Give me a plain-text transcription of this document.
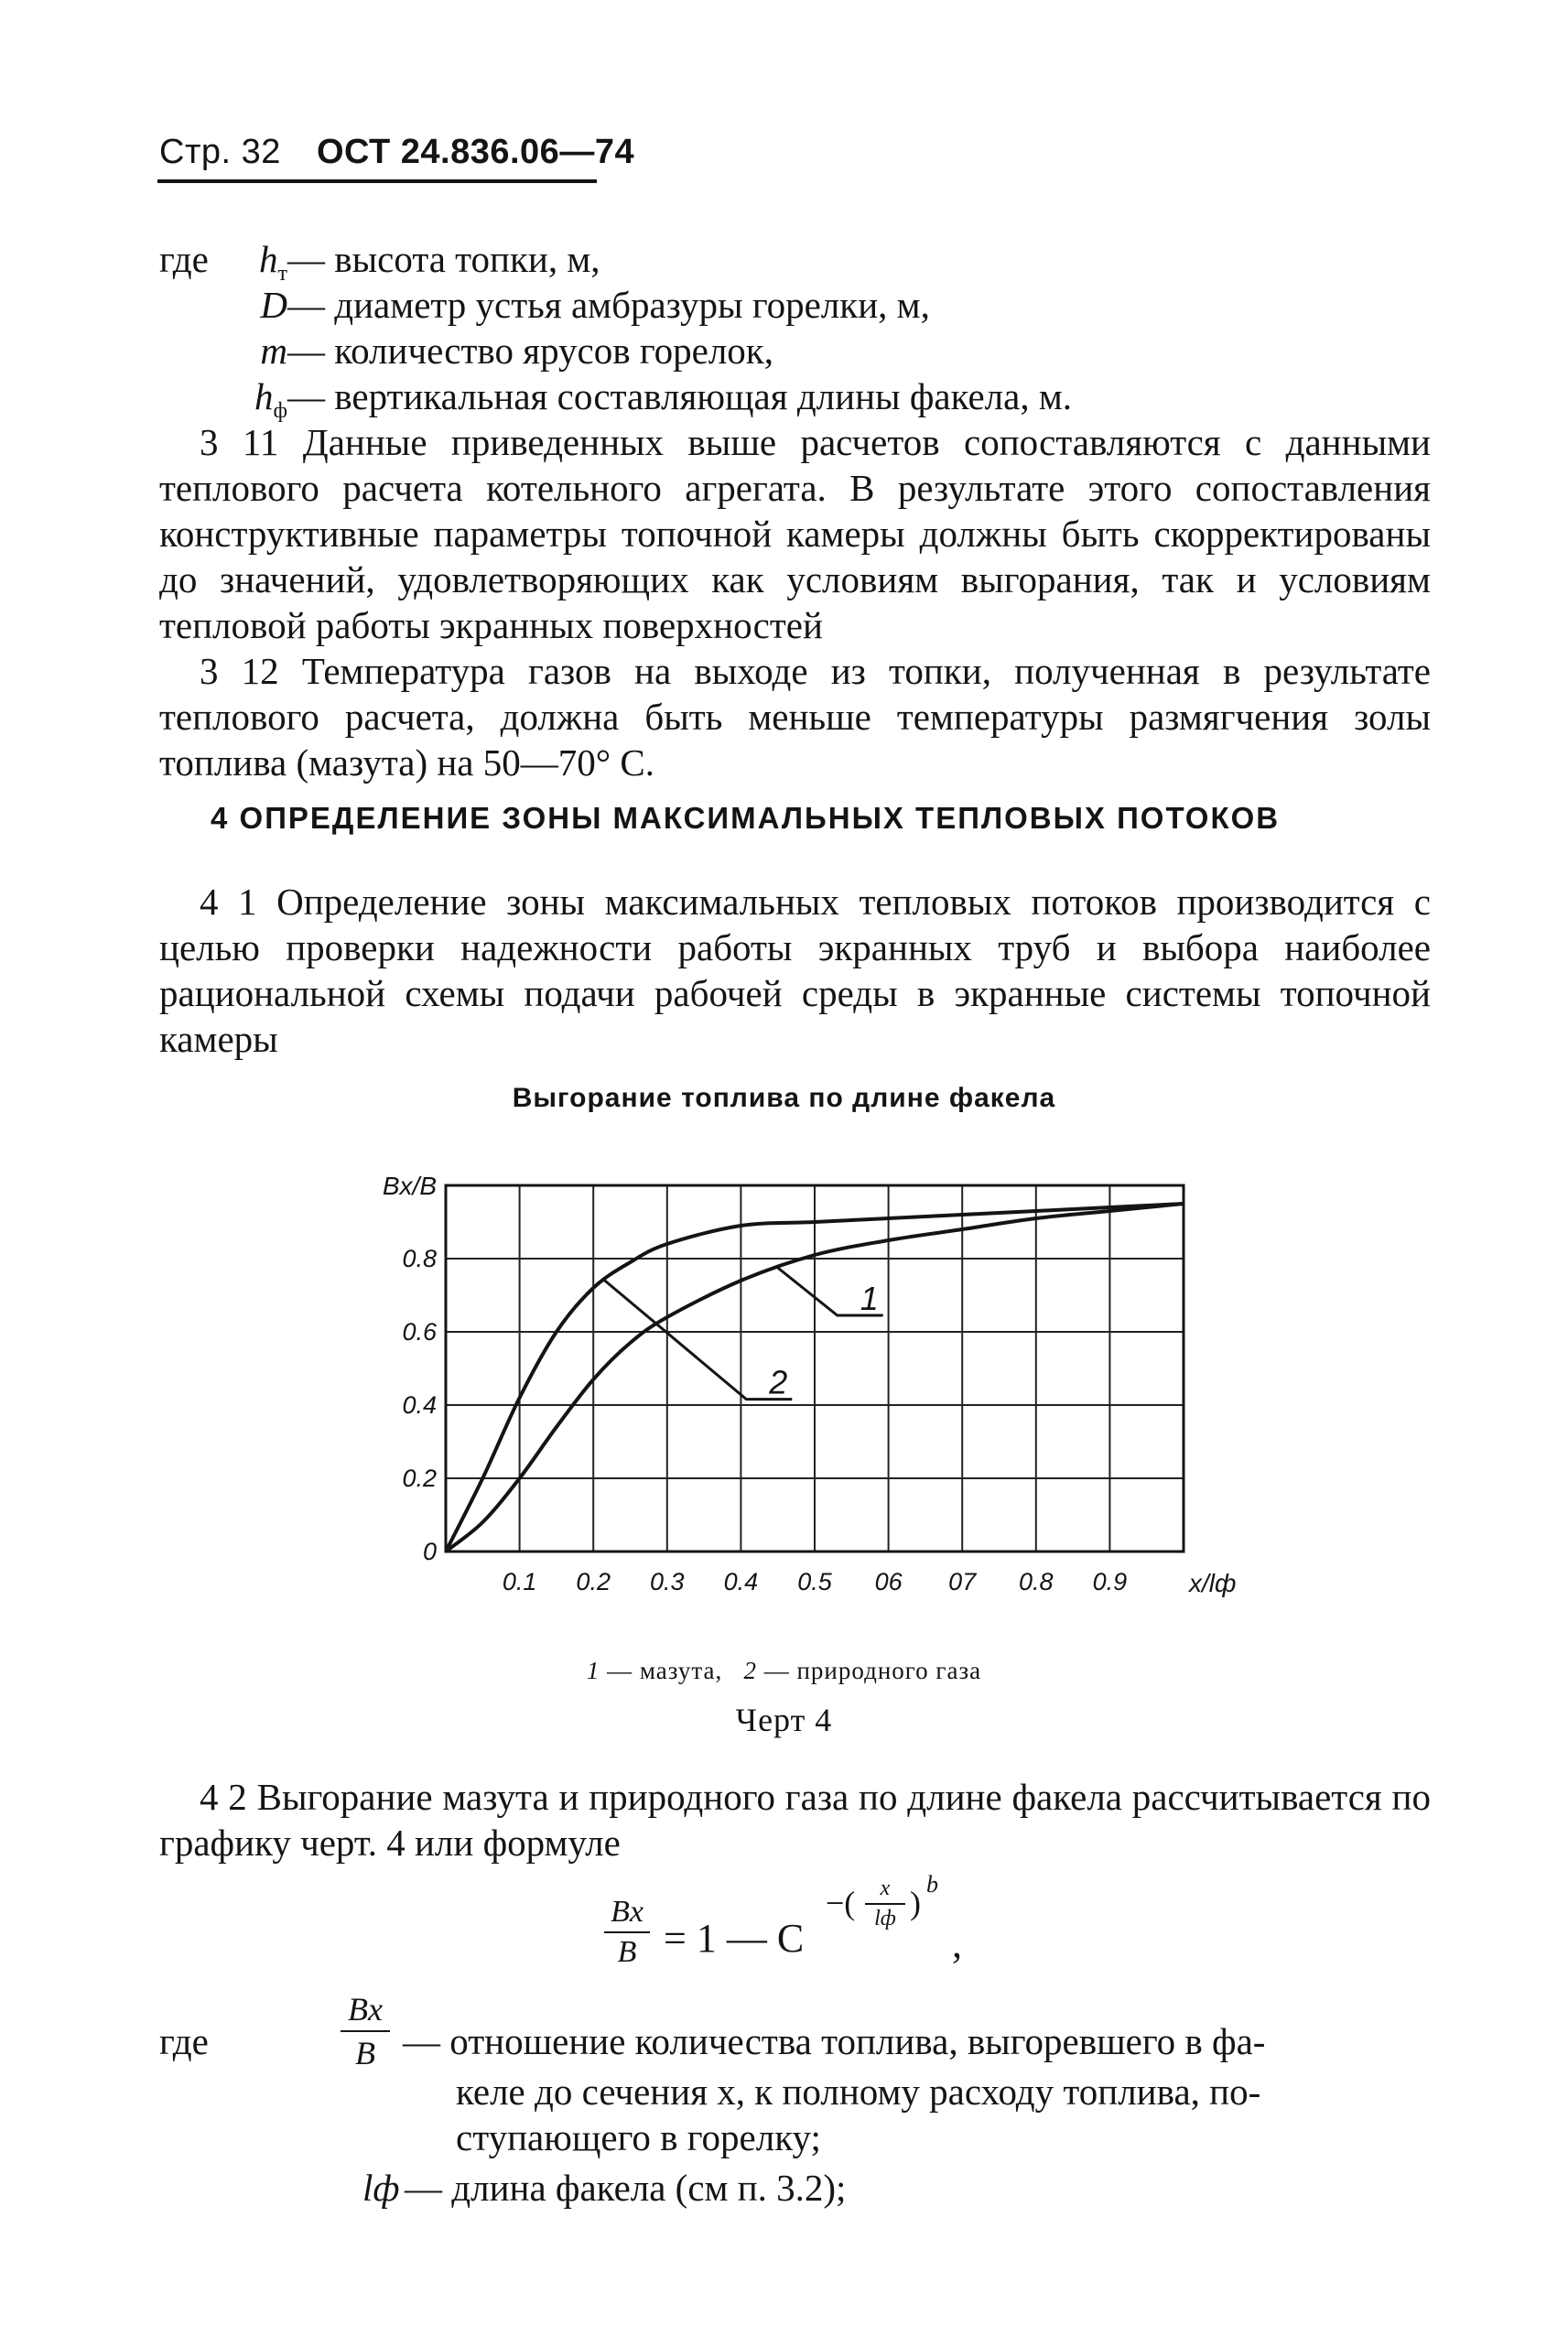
Стр. 32 ОСТ 24.836.06—74
где $h_т—$ высота топки, м,
D— диаметр устья амбразуры горелки, м,
m— количество ярусов горелок,
$h_ф—$ вертикальная составляющая длины факела, м.
3 11 Данные приведенных выше расчетов сопоставляются с данными теплового расчета котельного агрегата. В результате этого сопоставления конструктивные параметры топочной камеры должны быть скорректированы до значений, удовлетворяющих как условиям выгорания, так и условиям тепловой работы экранных поверхностей
3 12 Температура газов на выходе из топки, полученная в результате теплового расчета, должна быть меньше температуры размягчения золы топлива (мазута) на 50—70° С.
4 ОПРЕДЕЛЕНИЕ ЗОНЫ МАКСИМАЛЬНЫХ ТЕПЛОВЫХ ПОТОКОВ
4 1 Определение зоны максимальных тепловых потоков производится с целью проверки надежности работы экранных труб и выбора наиболее рациональной схемы подачи рабочей среды в экранные системы топочной камеры
Выгорание топлива по длине факела
0.1 0.2 0.3 0.4 0.5 06 07 0.8 0.9
0.8
0.6
0.4
0.2
0
Bx/B
x/lф
1
2
1 — мазута, 2 — природного газа
Черт 4
4 2 Выгорание мазута и природного газа по длине факела рассчитывается по графику черт. 4 или формуле
Bx
B = 1 — C
−(	x
lф )
b
,
где
Bx
B — отношение количества топлива, выгоревшего в фа-
келе до сечения x, к полному расходу топлива, по-
ступающего в горелку;
lф — длина факела (см п. 3.2);
